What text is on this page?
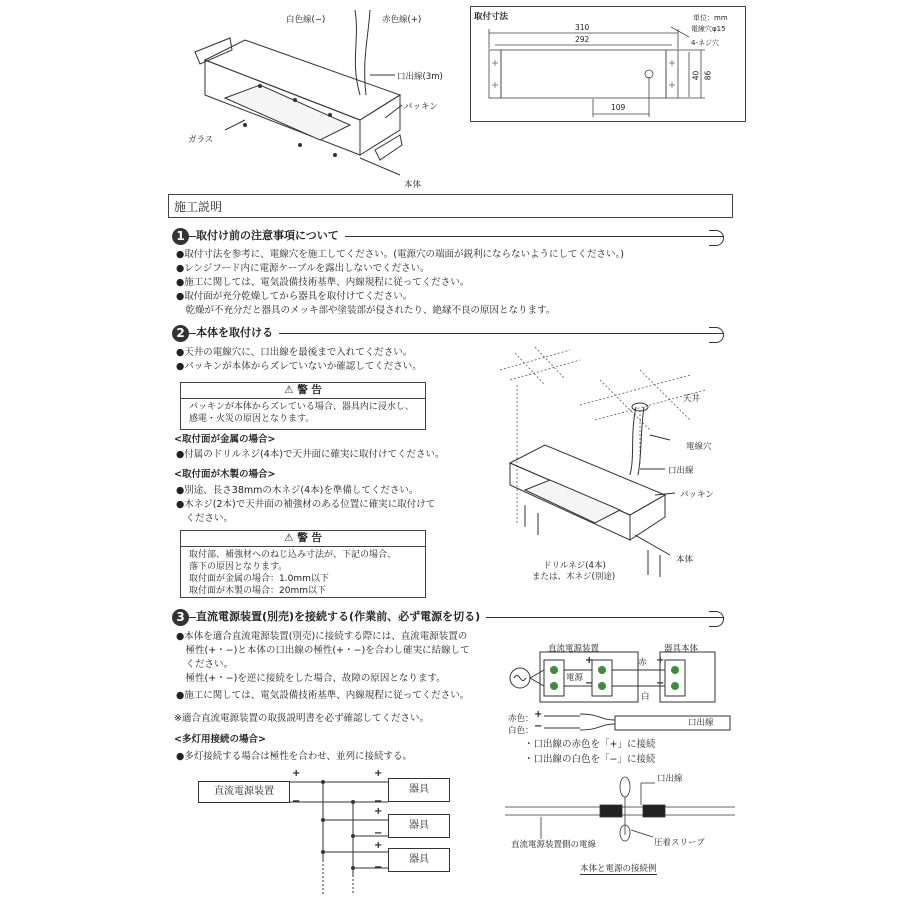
白色線(−)	赤色線(+)
口出線(3m)
パッキン
ガラス
本体
取付寸法	単位：mm
電線穴φ15
4-ネジ穴
310
292
109
40 86
施工説明
1	取付け前の注意事項について
●取付寸法を参考に、電線穴を施工してください。(電源穴の端面が鋭利にならないようにしてください。)
●レンジフード内に電源ケーブルを露出しないでください。
●施工に関しては、電気設備技術基準、内線規程に従ってください。
●取付面が充分乾燥してから器具を取付けてください。
　乾燥が不充分だと器具のメッキ部や塗装部が侵されたり、絶縁不良の原因となります。
2	本体を取付ける
●天井の電線穴に、口出線を最後まで入れてください。
●パッキンが本体からズレていないか確認してください。
⚠ 警 告
パッキンが本体からズレている場合、器具内に浸水し、
感電・火災の原因となります。
<取付面が金属の場合>
●付属のドリルネジ(4本)で天井面に確実に取付けてください。
<取付面が木製の場合>
●別途、長さ38mmの木ネジ(4本)を準備してください。
●木ネジ(2本)で天井面の補強材のある位置に確実に取付けて
　ください。
⚠ 警 告
取付部、補強材へのねじ込み寸法が、下記の場合、
落下の原因となります。
取付面が金属の場合：1.0mm以下
取付面が木製の場合：20mm以下
天井
電線穴
口出線
パッキン
本体
ドリルネジ(4本)
または、木ネジ(別途)
3	直流電源装置(別売)を接続する(作業前、必ず電源を切る)
●本体を適合直流電源装置(別売)に接続する際には、直流電源装置の
　極性(+・−)と本体の口出線の極性(+・−)を合わし確実に結線して
　ください。
　極性(+・−)を逆に接続をした場合、故障の原因となります。
●施工に関しては、電気設備技術基準、内線規程に従ってください。
※適合直流電源装置の取扱説明書を必ず確認してください。
<多灯用接続の場合>
●多灯接続する場合は極性を合わせ、並列に接続する。
直流電源装置	器具
器具
器具
+
−
+
−
+
−
+
−
直流電源装置	器具本体
電源
赤
白
+
−
+
−
赤色：
白色：
+
−	口出線
・口出線の赤色を「+」に接続
・口出線の白色を「−」に接続
口出線
圧着スリーブ
直流電源装置側の電線
本体と電源の接続例
